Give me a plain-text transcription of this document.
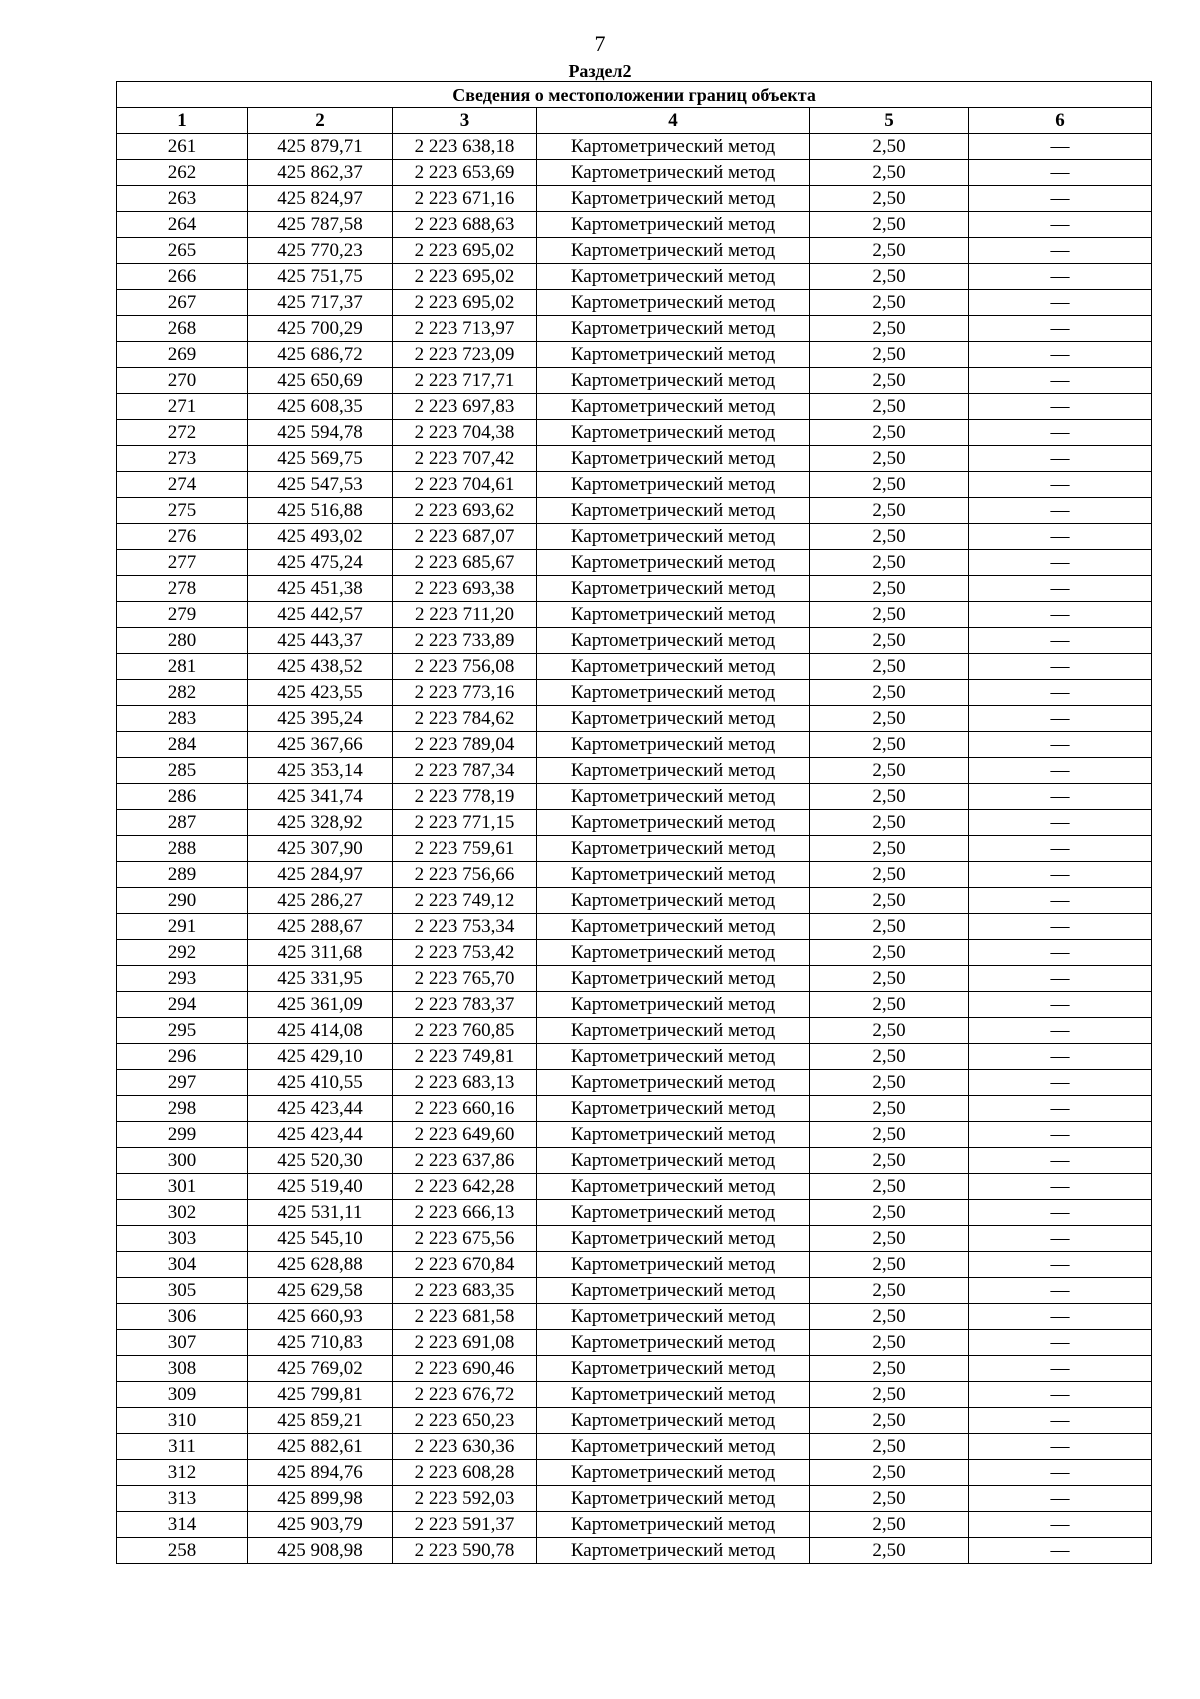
7
Раздел2
Сведения о местоположении границ объекта					
1	2	3	4	5	6
261	425 879,71	2 223 638,18	Картометрический метод	2,50	—
262	425 862,37	2 223 653,69	Картометрический метод	2,50	—
263	425 824,97	2 223 671,16	Картометрический метод	2,50	—
264	425 787,58	2 223 688,63	Картометрический метод	2,50	—
265	425 770,23	2 223 695,02	Картометрический метод	2,50	—
266	425 751,75	2 223 695,02	Картометрический метод	2,50	—
267	425 717,37	2 223 695,02	Картометрический метод	2,50	—
268	425 700,29	2 223 713,97	Картометрический метод	2,50	—
269	425 686,72	2 223 723,09	Картометрический метод	2,50	—
270	425 650,69	2 223 717,71	Картометрический метод	2,50	—
271	425 608,35	2 223 697,83	Картометрический метод	2,50	—
272	425 594,78	2 223 704,38	Картометрический метод	2,50	—
273	425 569,75	2 223 707,42	Картометрический метод	2,50	—
274	425 547,53	2 223 704,61	Картометрический метод	2,50	—
275	425 516,88	2 223 693,62	Картометрический метод	2,50	—
276	425 493,02	2 223 687,07	Картометрический метод	2,50	—
277	425 475,24	2 223 685,67	Картометрический метод	2,50	—
278	425 451,38	2 223 693,38	Картометрический метод	2,50	—
279	425 442,57	2 223 711,20	Картометрический метод	2,50	—
280	425 443,37	2 223 733,89	Картометрический метод	2,50	—
281	425 438,52	2 223 756,08	Картометрический метод	2,50	—
282	425 423,55	2 223 773,16	Картометрический метод	2,50	—
283	425 395,24	2 223 784,62	Картометрический метод	2,50	—
284	425 367,66	2 223 789,04	Картометрический метод	2,50	—
285	425 353,14	2 223 787,34	Картометрический метод	2,50	—
286	425 341,74	2 223 778,19	Картометрический метод	2,50	—
287	425 328,92	2 223 771,15	Картометрический метод	2,50	—
288	425 307,90	2 223 759,61	Картометрический метод	2,50	—
289	425 284,97	2 223 756,66	Картометрический метод	2,50	—
290	425 286,27	2 223 749,12	Картометрический метод	2,50	—
291	425 288,67	2 223 753,34	Картометрический метод	2,50	—
292	425 311,68	2 223 753,42	Картометрический метод	2,50	—
293	425 331,95	2 223 765,70	Картометрический метод	2,50	—
294	425 361,09	2 223 783,37	Картометрический метод	2,50	—
295	425 414,08	2 223 760,85	Картометрический метод	2,50	—
296	425 429,10	2 223 749,81	Картометрический метод	2,50	—
297	425 410,55	2 223 683,13	Картометрический метод	2,50	—
298	425 423,44	2 223 660,16	Картометрический метод	2,50	—
299	425 423,44	2 223 649,60	Картометрический метод	2,50	—
300	425 520,30	2 223 637,86	Картометрический метод	2,50	—
301	425 519,40	2 223 642,28	Картометрический метод	2,50	—
302	425 531,11	2 223 666,13	Картометрический метод	2,50	—
303	425 545,10	2 223 675,56	Картометрический метод	2,50	—
304	425 628,88	2 223 670,84	Картометрический метод	2,50	—
305	425 629,58	2 223 683,35	Картометрический метод	2,50	—
306	425 660,93	2 223 681,58	Картометрический метод	2,50	—
307	425 710,83	2 223 691,08	Картометрический метод	2,50	—
308	425 769,02	2 223 690,46	Картометрический метод	2,50	—
309	425 799,81	2 223 676,72	Картометрический метод	2,50	—
310	425 859,21	2 223 650,23	Картометрический метод	2,50	—
311	425 882,61	2 223 630,36	Картометрический метод	2,50	—
312	425 894,76	2 223 608,28	Картометрический метод	2,50	—
313	425 899,98	2 223 592,03	Картометрический метод	2,50	—
314	425 903,79	2 223 591,37	Картометрический метод	2,50	—
258	425 908,98	2 223 590,78	Картометрический метод	2,50	—
